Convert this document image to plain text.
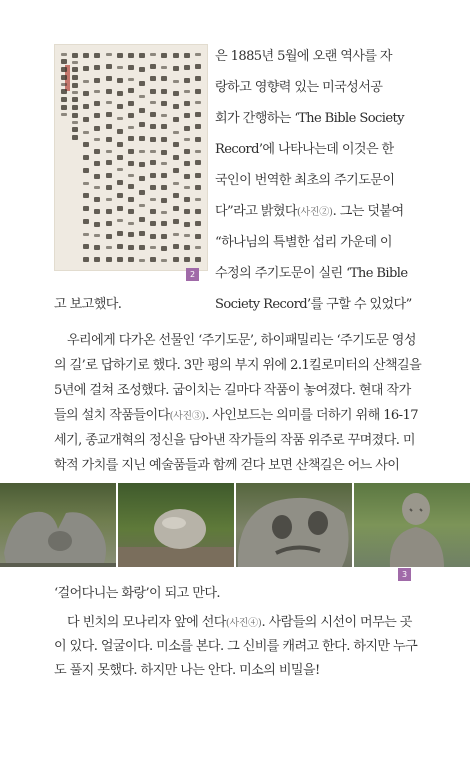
2
은 1885년 5월에 오랜 역사를 자
랑하고 영향력 있는 미국성서공
회가 간행하는 ‘The Bible Society
Record’에 나타나는데 이것은 한
국인이 번역한 최초의 주기도문이
다”라고 밝혔다(사진②). 그는 덧붙여
“하나님의 특별한 섭리 가운데 이
수정의 주기도문이 실린 ‘The Bible
Society Record’를 구할 수 있었다”
고 보고했다.
우리에게 다가온 선물인 ‘주기도문’, 하이패밀리는 ‘주기도문 영성
의 길’로 답하기로 했다. 3만 평의 부지 위에 2.1킬로미터의 산책길을
5년에 걸쳐 조성했다. 굽이치는 길마다 작품이 놓여졌다. 현대 작가
들의 설치 작품들이다(사진③). 사인보드는 의미를 더하기 위해 16-17
세기, 종교개혁의 정신을 담아낸 작가들의 작품 위주로 꾸며졌다. 미
학적 가치를 지닌 예술품들과 함께 걷다 보면 산책길은 어느 사이
3
‘걸어다니는 화랑’이 되고 만다.
다 빈치의 모나리자 앞에 선다(사진④). 사람들의 시선이 머무는 곳
이 있다. 얼굴이다. 미소를 본다. 그 신비를 캐려고 한다. 하지만 누구
도 풀지 못했다. 하지만 나는 안다. 미소의 비밀을!
